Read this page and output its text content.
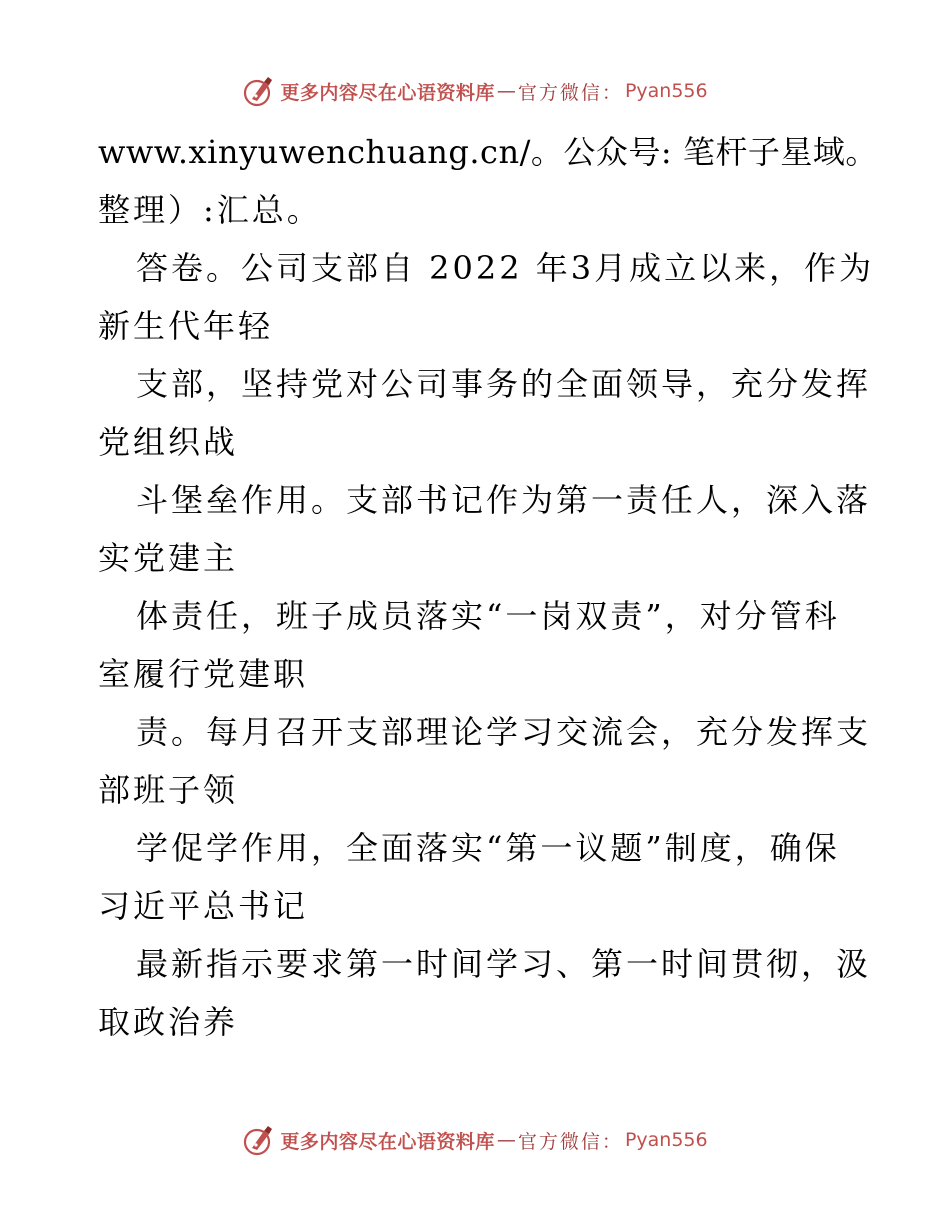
更多内容尽在心语资料库 — 官方微信： Pyan556
www.xinyuwenchuang.cn/。公众号: 笔杆子星域。
整理）:汇总。
答卷。公司支部自 2022 年3月成立以来，作为
新生代年轻
支部，坚持党对公司事务的全面领导，充分发挥
党组织战
斗堡垒作用。支部书记作为第一责任人，深入落
实党建主
体责任，班子成员落实“一岗双责”，对分管科
室履行党建职
责。每月召开支部理论学习交流会，充分发挥支
部班子领
学促学作用，全面落实“第一议题”制度，确保
习近平总书记
最新指示要求第一时间学习、第一时间贯彻，汲
取政治养
更多内容尽在心语资料库 — 官方微信： Pyan556
